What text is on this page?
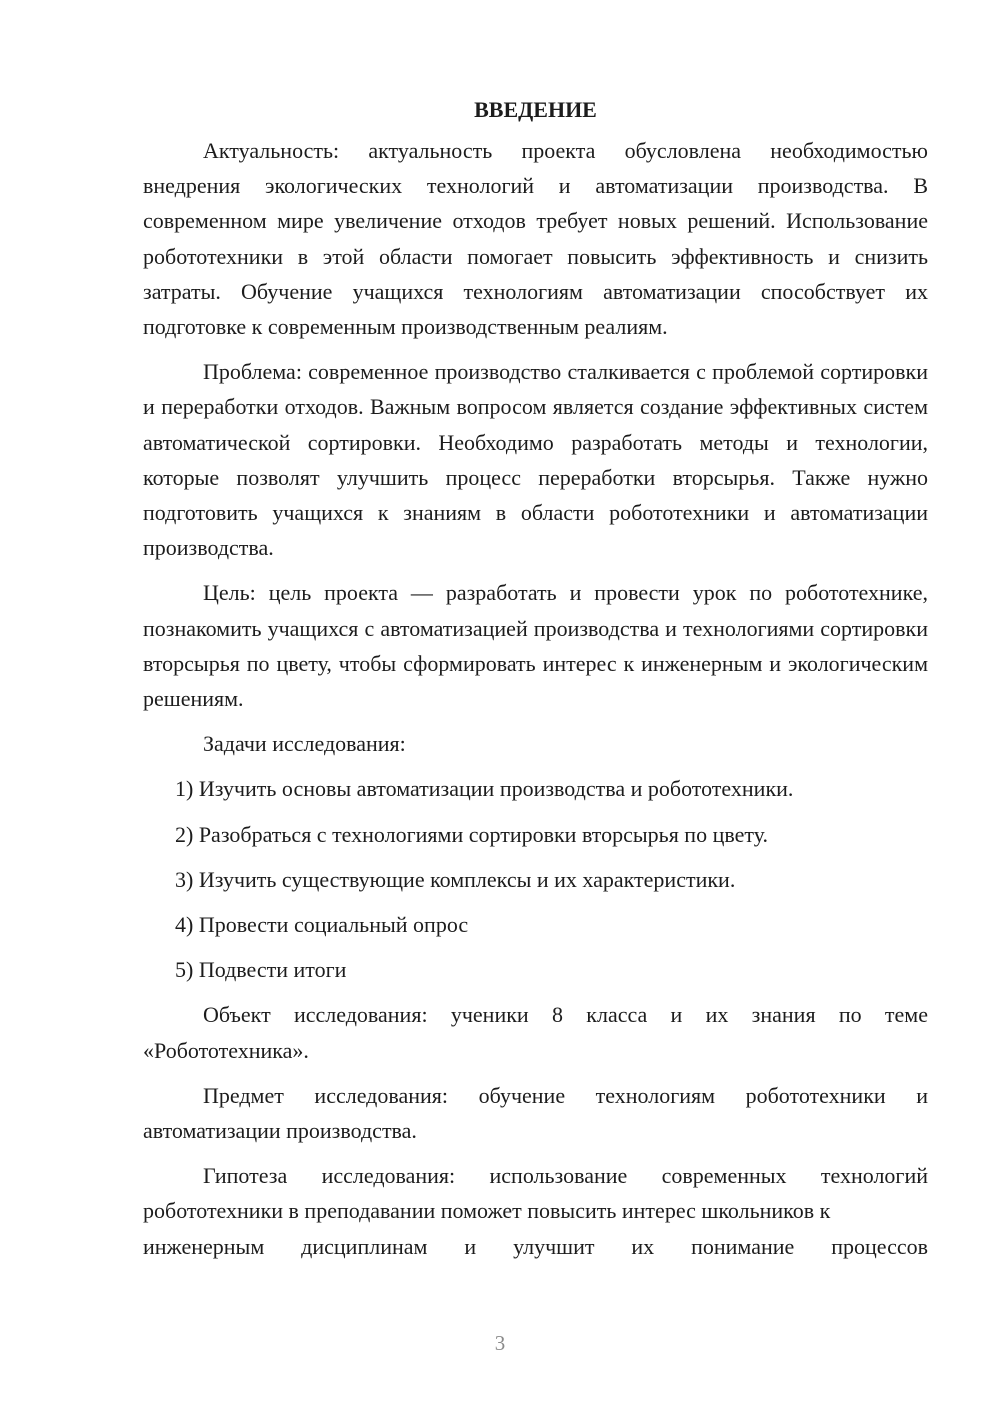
ВВЕДЕНИЕ

Актуальность: актуальность проекта обусловлена необходимостью внедрения экологических технологий и автоматизации производства. В современном мире увеличение отходов требует новых решений. Использование робототехники в этой области помогает повысить эффективность и снизить затраты. Обучение учащихся технологиям автоматизации способствует их подготовке к современным производственным реалиям.

Проблема: современное производство сталкивается с проблемой сортировки и переработки отходов. Важным вопросом является создание эффективных систем автоматической сортировки. Необходимо разработать методы и технологии, которые позволят улучшить процесс переработки вторсырья. Также нужно подготовить учащихся к знаниям в области робототехники и автоматизации производства.

Цель: цель проекта — разработать и провести урок по робототехнике, познакомить учащихся с автоматизацией производства и технологиями сортировки вторсырья по цвету, чтобы сформировать интерес к инженерным и экологическим решениям.

Задачи исследования:

1) Изучить основы автоматизации производства и робототехники.

2) Разобраться с технологиями сортировки вторсырья по цвету.

3) Изучить существующие комплексы и их характеристики.

4) Провести социальный опрос

5) Подвести итоги

Объект исследования: ученики 8 класса и их знания по теме «Робототехника».

Предмет исследования: обучение технологиям робототехники и автоматизации производства.

Гипотеза исследования: использование современных технологий робототехники в преподавании поможет повысить интерес школьников к
инженерным дисциплинам и улучшит их понимание процессов

3
